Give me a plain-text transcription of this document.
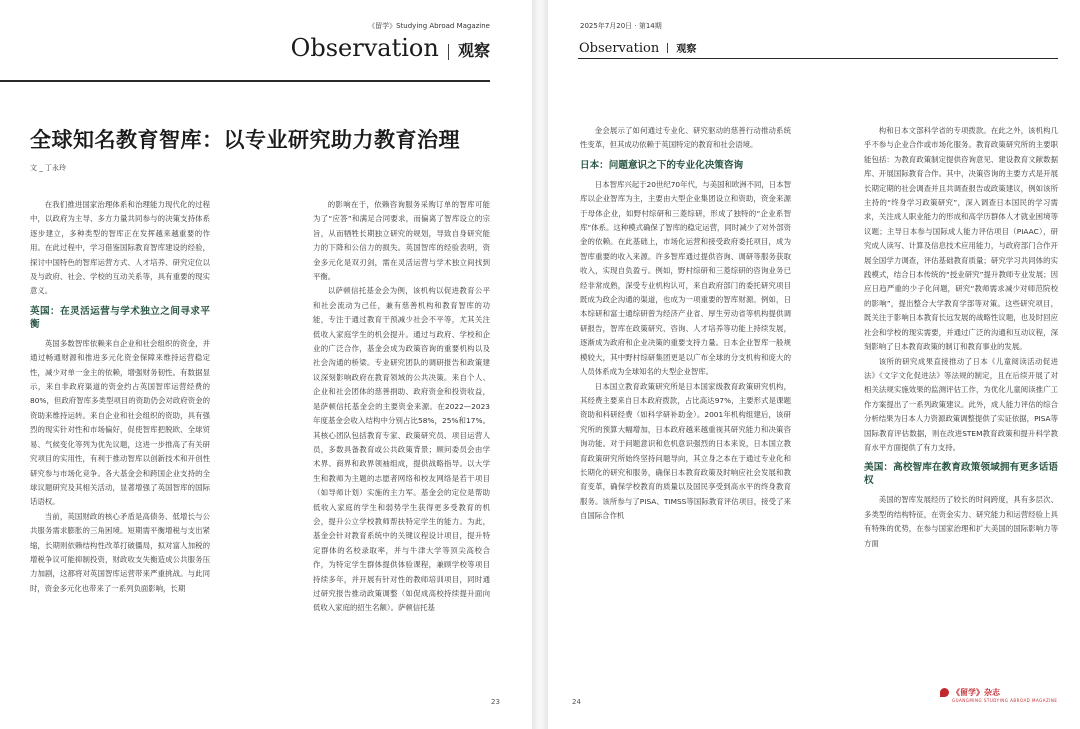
《留学》Studying Abroad Magazine
Observation 观察
全球知名教育智库：以专业研究助力教育治理
文 _ 丁永玲

在我们推进国家治理体系和治理能力现代化的过程中，以政府为主导、多方力量共同参与的决策支持体系逐步建立，多种类型的智库正在发挥越来越重要的作用。在此过程中，学习借鉴国际教育智库建设的经验，探讨中国特色的智库运营方式、人才培养、研究定位以及与政府、社会、学校的互动关系等，具有重要的现实意义。

英国：在灵活运营与学术独立之间寻求平衡

英国多数智库依赖来自企业和社会组织的资金，并通过畅通财源和推进多元化资金保障来维持运营稳定性，减少对单一金主的依赖，增强财务韧性。有数据显示，来自非政府渠道的资金约占英国智库运营经费的80%，但政府智库多类型项目的资助仍会对政府资金的资助来维持运转。来自企业和社会组织的资助，具有强烈的现实针对性和市场偏好，促使智库把脱欧、全球贸易、气候变化等列为优先议题，这进一步推高了有关研究项目的实用性，有利于推动智库以创新技术和开创性研究参与市场化竞争。各大基金会和跨国企业支持的全球议题研究及其相关活动，显著增强了英国智库的国际话语权。

当前，英国财政的核心矛盾是高债务、低增长与公共服务需求膨胀的三角困境。短期需平衡增税与支出紧缩，长期则依赖结构性改革打破僵局，拟对富人加税的增税争议可能抑制投资，财政收支失衡造成公共服务压力加剧，这都将对英国智库运营带来严重挑战。与此同时，资金多元化也带来了一系列负面影响，长期

的影响在于，依赖咨询服务采购订单的智库可能为了“应答”和满足合同要求，而偏离了智库设立的宗旨，从而牺牲长期独立研究的规划，导致自身研究能力的下降和公信力的损失。英国智库的经验表明，资金多元化是双刃剑，需在灵活运营与学术独立间找到平衡。

以萨顿信托基金会为例，该机构以促进教育公平和社会流动为己任，兼有慈善机构和教育智库的功能，专注于通过教育干预减少社会不平等，尤其关注低收入家庭学生的机会提升。通过与政府、学校和企业的广泛合作，基金会成为政策咨询的重要机构以及社会沟通的桥梁。专业研究团队的调研报告和政策建议深刻影响政府在教育领域的公共决策。来自个人、企业和社会团体的慈善捐助、政府资金和投资收益，是萨顿信托基金会的主要资金来源。在2022—2023年度基金会收入结构中分别占比58%，25%和17%。其核心团队包括教育专家、政策研究员、项目运营人员，多数具备教育或公共政策背景；顾问委员会由学术界、商界和政界领袖组成，提供战略指导。以大学生和教师为主题的志愿者网络和校友网络是若干项目（如导师计划）实施的主力军。基金会的定位是帮助低收入家庭的学生和弱势学生获得更多受教育的机会，提升公立学校教师帮扶特定学生的能力。为此，基金会针对教育系统中的关键议程设计项目，提升特定群体的名校录取率，并与牛津大学等顶尖高校合作，为特定学生群体提供体验课程，兼顾学校等项目持续多年，并开展有针对性的教师培训项目，同时通过研究报告推动政策调整（如促成高校持续提升面向低收入家庭的招生名额）。萨顿信托基

23
2025年7月20日 · 第14期
Observation 观察

金会展示了如何通过专业化、研究驱动的慈善行动推动系统性变革，但其成功依赖于英国特定的教育和社会语境。

日本：问题意识之下的专业化决策咨询

日本智库兴起于20世纪70年代，与美国和欧洲不同，日本智库以企业智库为主，主要由大型企业集团设立和资助，资金来源于母体企业，如野村综研和三菱综研，形成了独特的“企业系智库”体系。这种模式确保了智库的稳定运营，同时减少了对外部资金的依赖。在此基础上，市场化运营和接受政府委托项目，成为智库重要的收入来源。许多智库通过提供咨询、调研等服务获取收入，实现自负盈亏。例如，野村综研和三菱综研的咨询业务已经非常成熟，深受专业机构认可，来自政府部门的委托研究项目既成为政企沟通的渠道，也成为一项重要的智库财源。例如，日本综研和富士通综研曾为经济产业省、厚生劳动省等机构提供调研报告，智库在政策研究、咨询、人才培养等功能上持续发展，逐渐成为政府和企业决策的重要支持力量。日本企业智库一般规模较大，其中野村综研集团更是以广布全球的分支机构和庞大的人员体系成为全球知名的大型企业智库。

日本国立教育政策研究所是日本国家级教育政策研究机构，其经费主要来自日本政府拨款，占比高达97%，主要形式是课题资助和科研经费（如科学研补助金）。2001年机构组建后，该研究所的预算大幅增加，日本政府越来越重视其研究能力和决策咨询功能。对于问题意识和危机意识强烈的日本来说，日本国立教育政策研究所始终坚持问题导向，其立身之本在于通过专业化和长期化的研究和服务，确保日本教育政策及时响应社会发展和教育变革，确保学校教育的质量以及国民享受到高水平的终身教育服务。该所参与了PISA、TIMSS等国际教育评估项目，接受了来自国际合作机

构和日本文部科学省的专项拨款。在此之外，该机构几乎不参与企业合作或市场化服务。教育政策研究所的主要职能包括：为教育政策制定提供咨询意见、建设教育文献数据库、开展国际教育合作。其中，决策咨询的主要方式是开展长期定期的社会调查并且共调查报告或政策建议，例如该所主持的“终身学习政策研究”，深入调查日本国民的学习需求，关注成人职业能力的形成和高学历群体人才就业困境等议题；主导日本参与国际成人能力评估项目（PIAAC），研究成人读写、计算及信息技术应用能力，与政府部门合作开展全国学力调查，评估基础教育质量；研究学习共同体的实践模式，结合日本传统的“授业研究”提升教师专业发展；因应日趋严重的少子化问题，研究“教师需求减少对师范院校的影响”，提出整合大学教育学部等对策。这些研究项目，既关注于影响日本教育长远发展的战略性议题，也及时回应社会和学校的现实需要，并通过广泛的沟通和互动议程，深刻影响了日本教育政策的制订和教育事业的发展。

该所的研究成果直接推动了日本《儿童阅读活动促进法》《文字文化促进法》等法规的制定，且在后续开展了对相关法规实施效果的监测评估工作，为优化儿童阅读推广工作方案提出了一系列政策建议。此外，成人能力评估的综合分析结果为日本人力资源政策调整提供了实证依据，PISA等国际教育评估数据，则在改进STEM教育政策和提升科学教育水平方面提供了有力支持。

美国：高校智库在教育政策领域拥有更多话语权

美国的智库发展经历了较长的时间跨度，具有多层次、多类型的结构特征，在资金实力、研究能力和运营经验上具有特殊的优势，在参与国家治理和扩大美国的国际影响力等方面

24
《留学》杂志
GUANGMING STUDYING ABROAD MAGAZINE
